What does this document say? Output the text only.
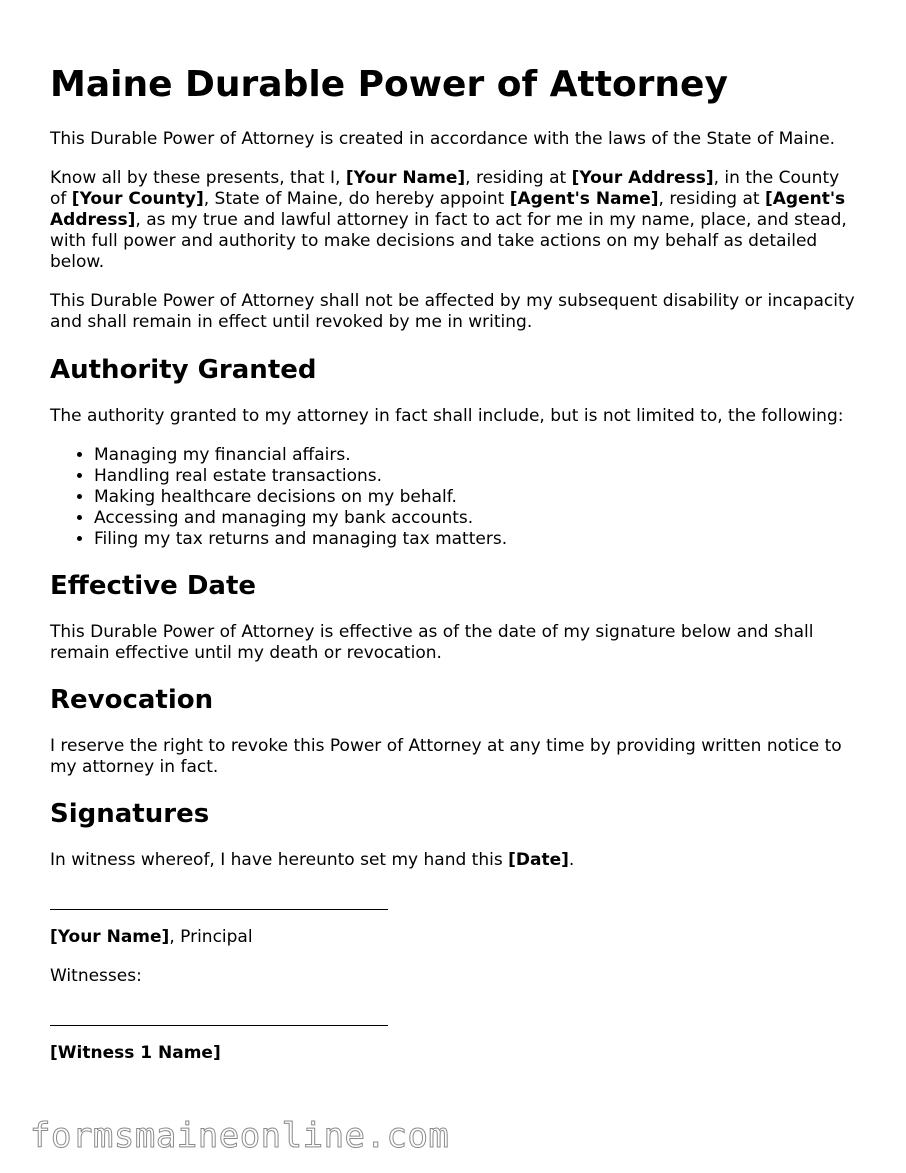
Maine Durable Power of Attorney

This Durable Power of Attorney is created in accordance with the laws of the State of Maine.

Know all by these presents, that I, [Your Name], residing at [Your Address], in the County of [Your County], State of Maine, do hereby appoint [Agent's Name], residing at [Agent's Address], as my true and lawful attorney in fact to act for me in my name, place, and stead, with full power and authority to make decisions and take actions on my behalf as detailed below.

This Durable Power of Attorney shall not be affected by my subsequent disability or incapacity and shall remain in effect until revoked by me in writing.

Authority Granted

The authority granted to my attorney in fact shall include, but is not limited to, the following:

• Managing my financial affairs.
• Handling real estate transactions.
• Making healthcare decisions on my behalf.
• Accessing and managing my bank accounts.
• Filing my tax returns and managing tax matters.
Effective Date

This Durable Power of Attorney is effective as of the date of my signature below and shall remain effective until my death or revocation.

Revocation

I reserve the right to revoke this Power of Attorney at any time by providing written notice to my attorney in fact.

Signatures

In witness whereof, I have hereunto set my hand this [Date].

[Your Name], Principal

Witnesses:

[Witness 1 Name]

formsmaineonline.com
